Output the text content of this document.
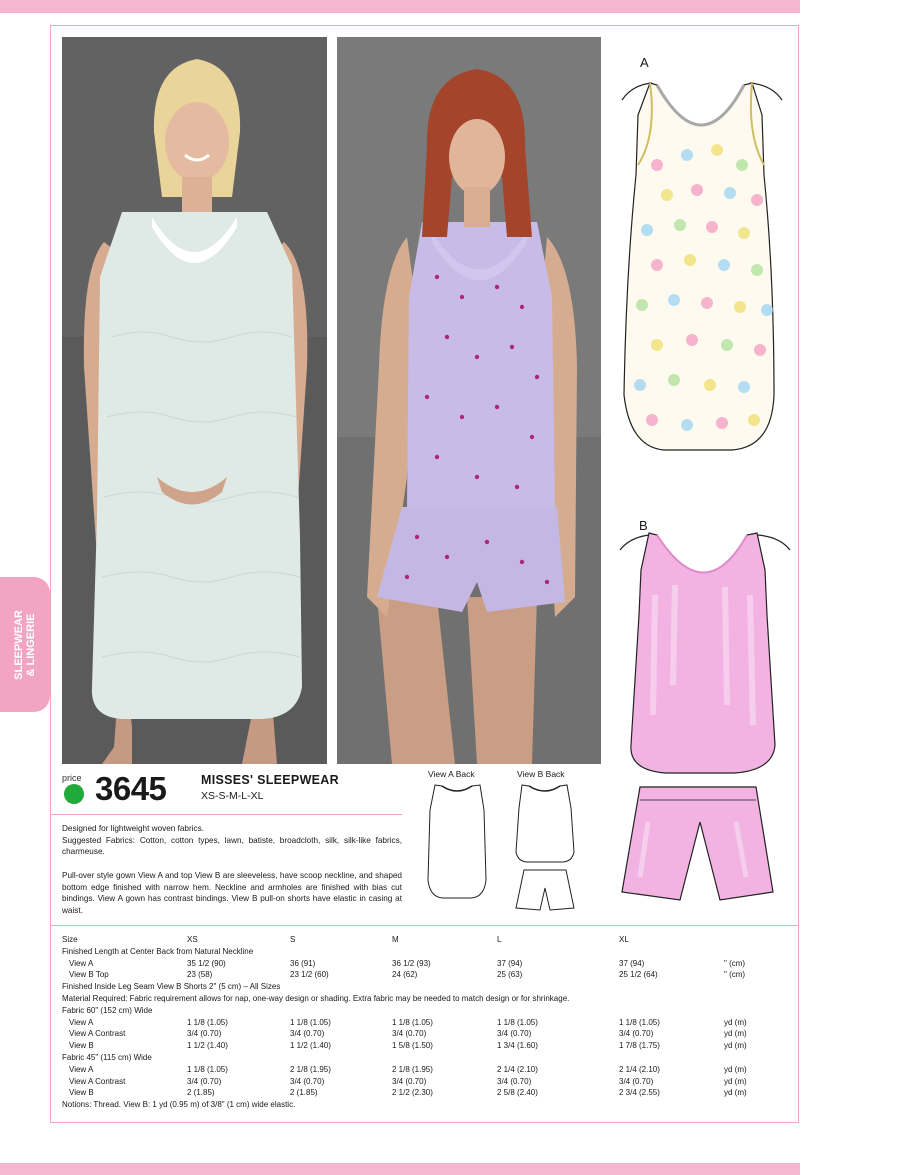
SLEEPWEAR & LINGERIE
A
B
View A Back	View B Back
price 3645	MISSES' SLEEPWEAR
XS-S-M-L-XL

Designed for lightweight woven fabrics.

Suggested Fabrics: Cotton, cotton types, lawn, batiste, broadcloth, silk, silk-like fabrics, charmeuse.

Pull-over style gown View A and top View B are sleeveless, have scoop neckline, and shaped bottom edge finished with narrow hem. Neckline and armholes are finished with bias cut bindings. View A gown has contrast bindings. View B pull-on shorts have elastic in casing at waist.

Size	XS	S	M	L	XL
Finished Length at Center Back from Natural Neckline
View A	35 1/2 (90)	36 (91)	36 1/2 (93)	37 (94)	37 (94)	" (cm)
View B Top	23 (58)	23 1/2 (60)	24 (62)	25 (63)	25 1/2 (64)	" (cm)
Finished Inside Leg Seam View B Shorts 2" (5 cm) – All Sizes
Material Required: Fabric requirement allows for nap, one-way design or shading. Extra fabric may be needed to match design or for shrinkage.
Fabric 60" (152 cm) Wide
View A	1 1/8 (1.05)	1 1/8 (1.05)	1 1/8 (1.05)	1 1/8 (1.05)	1 1/8 (1.05)	yd (m)
View A Contrast	3/4 (0.70)	3/4 (0.70)	3/4 (0.70)	3/4 (0.70)	3/4 (0.70)	yd (m)
View B	1 1/2 (1.40)	1 1/2 (1.40)	1 5/8 (1.50)	1 3/4 (1.60)	1 7/8 (1.75)	yd (m)
Fabric 45" (115 cm) Wide
View A	1 1/8 (1.05)	2 1/8 (1.95)	2 1/8 (1.95)	2 1/4 (2.10)	2 1/4 (2.10)	yd (m)
View A Contrast	3/4 (0.70)	3/4 (0.70)	3/4 (0.70)	3/4 (0.70)	3/4 (0.70)	yd (m)
View B	2 (1.85)	2 (1.85)	2 1/2 (2.30)	2 5/8 (2.40)	2 3/4 (2.55)	yd (m)
Notions: Thread. View B: 1 yd (0.95 m) of 3/8" (1 cm) wide elastic.
